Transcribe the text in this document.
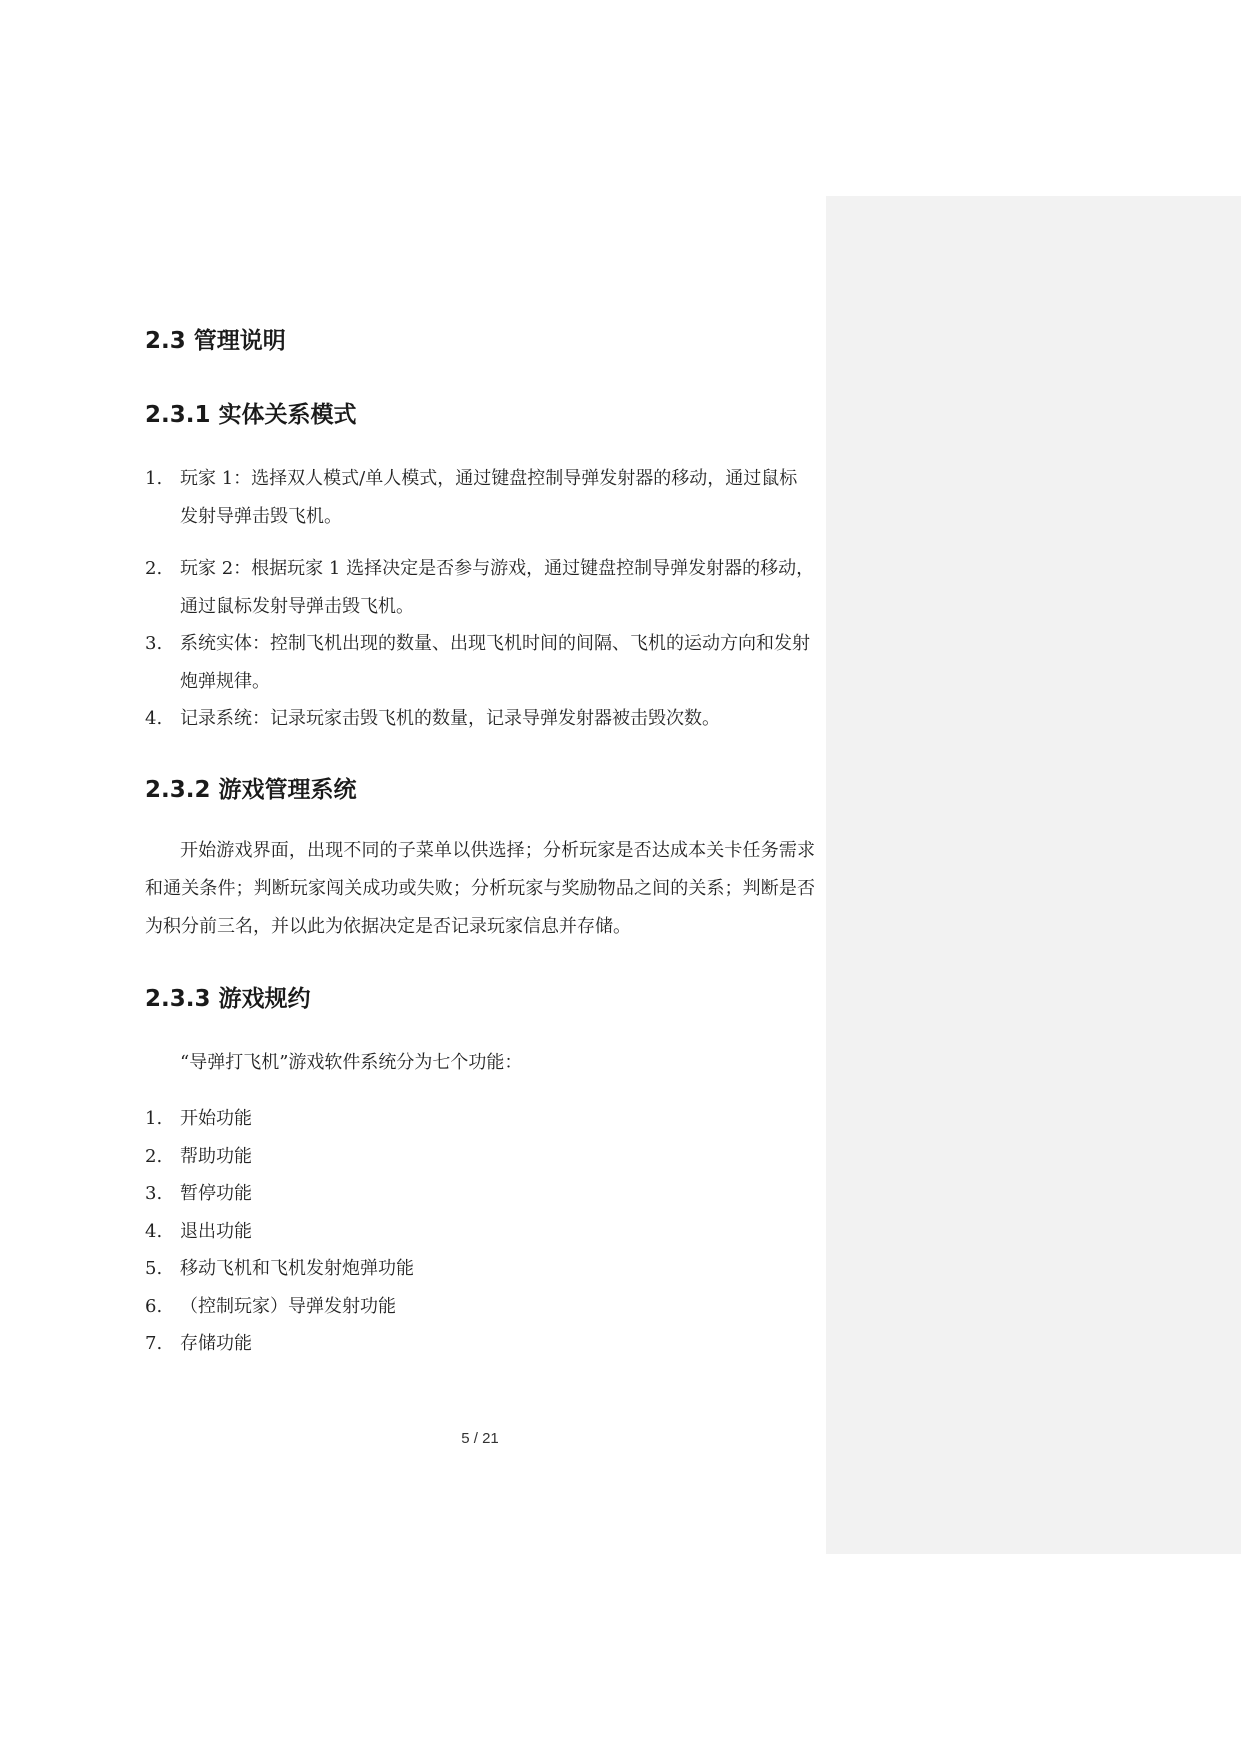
2.3 管理说明
2.3.1 实体关系模式
1. 玩家 1：选择双人模式/单人模式，通过键盘控制导弹发射器的移动，通过鼠标发射导弹击毁飞机。
2. 玩家 2：根据玩家 1 选择决定是否参与游戏，通过键盘控制导弹发射器的移动，通过鼠标发射导弹击毁飞机。
3. 系统实体：控制飞机出现的数量、出现飞机时间的间隔、飞机的运动方向和发射炮弹规律。
4. 记录系统：记录玩家击毁飞机的数量，记录导弹发射器被击毁次数。
2.3.2 游戏管理系统
开始游戏界面，出现不同的子菜单以供选择；分析玩家是否达成本关卡任务需求和通关条件；判断玩家闯关成功或失败；分析玩家与奖励物品之间的关系；判断是否为积分前三名，并以此为依据决定是否记录玩家信息并存储。
2.3.3 游戏规约
“导弹打飞机”游戏软件系统分为七个功能：
1. 开始功能
2. 帮助功能
3. 暂停功能
4. 退出功能
5. 移动飞机和飞机发射炮弹功能
6. （控制玩家）导弹发射功能
7. 存储功能
5 / 21
